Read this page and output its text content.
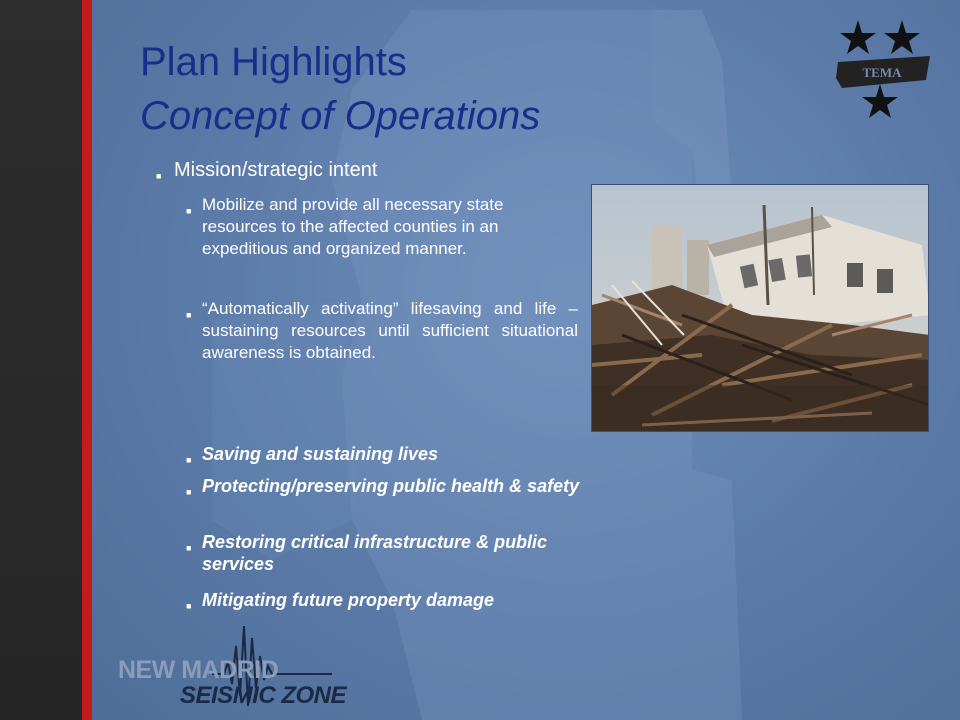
Plan Highlights
Concept of Operations
■ Mission/strategic intent
■ Mobilize and provide all necessary state resources to the affected counties in an expeditious and organized manner.
■ “Automatically activating” lifesaving and life –sustaining resources until sufficient situational awareness is obtained.
■ Saving and sustaining lives
■ Protecting/preserving public health & safety
■ Restoring critical infrastructure & public services
■ Mitigating future property damage
TEMA
NEW MADRID
SEISMIC ZONE
